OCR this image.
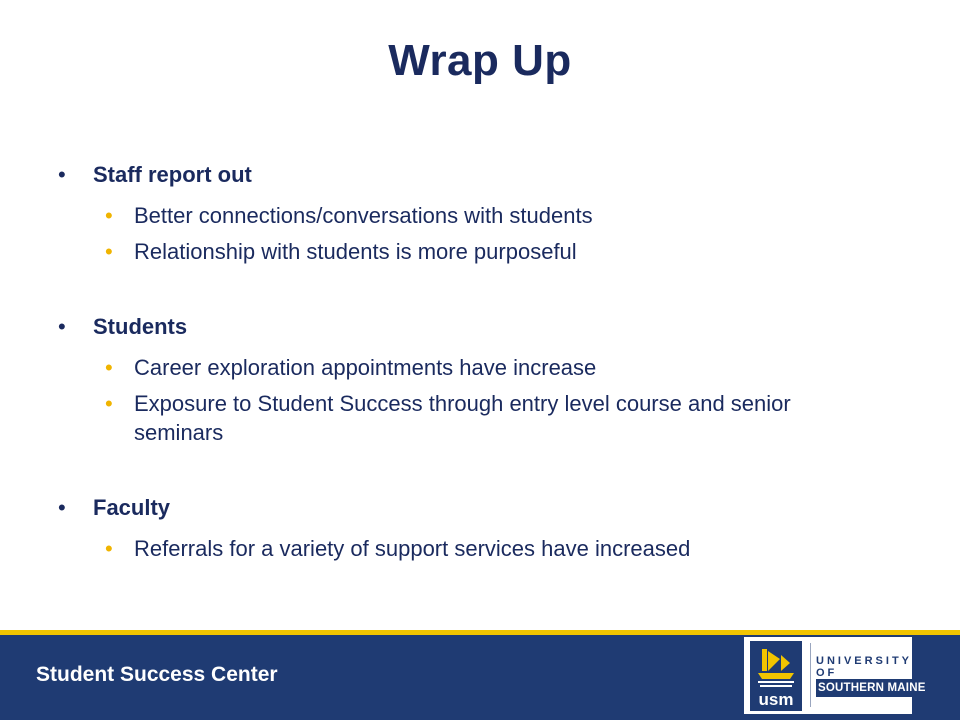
Wrap Up
• Staff report out
• Better connections/conversations with students
• Relationship with students is more purposeful
• Students
• Career exploration appointments have increase
• Exposure to Student Success through entry level course and senior seminars
• Faculty
• Referrals for a variety of support services have increased
Student Success Center
usm
UNIVERSITY OF
SOUTHERN MAINE
